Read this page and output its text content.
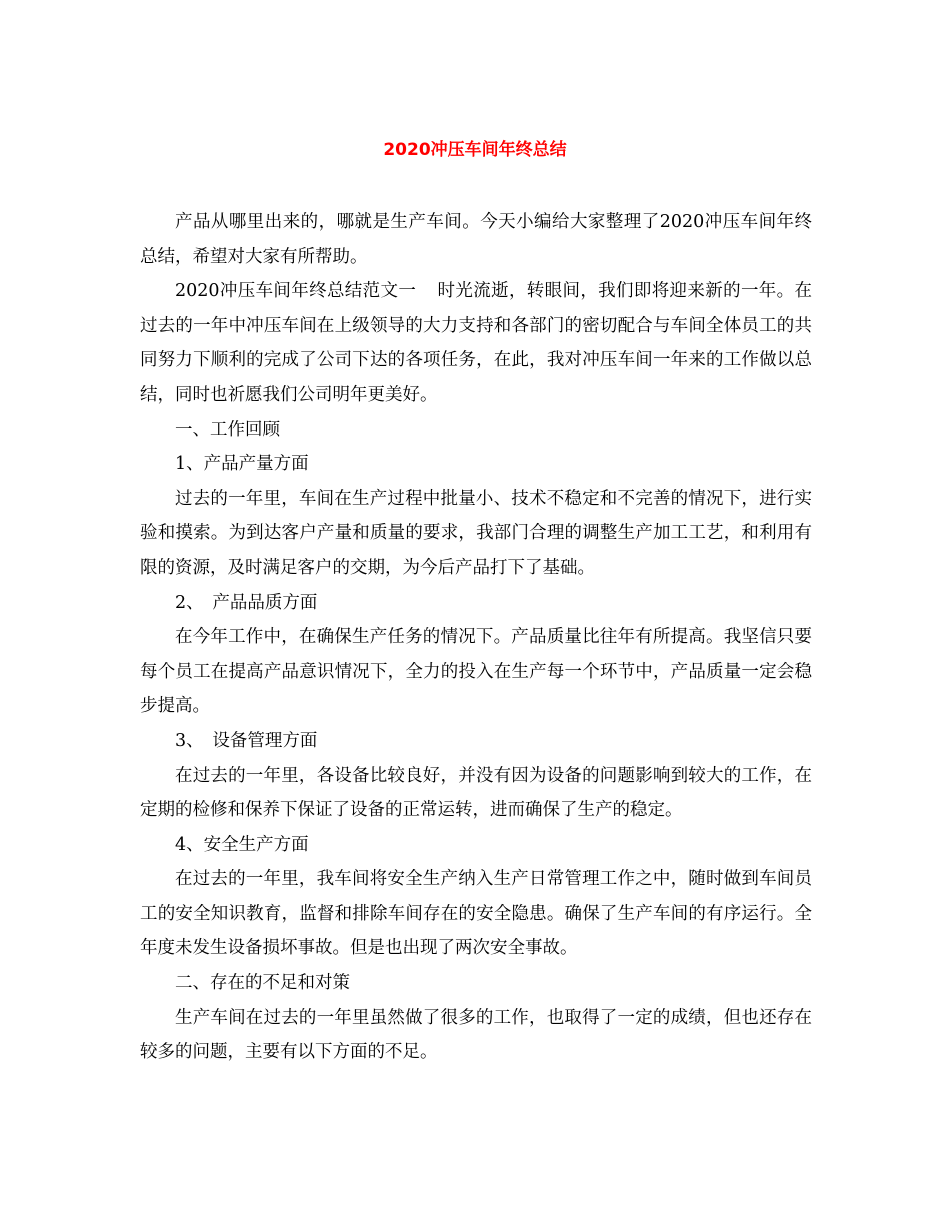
2020冲压车间年终总结

产品从哪里出来的，哪就是生产车间。今天小编给大家整理了2020冲压车间年终总结，希望对大家有所帮助。

2020冲压车间年终总结范文一 时光流逝，转眼间，我们即将迎来新的一年。在过去的一年中冲压车间在上级领导的大力支持和各部门的密切配合与车间全体员工的共同努力下顺利的完成了公司下达的各项任务，在此，我对冲压车间一年来的工作做以总结，同时也祈愿我们公司明年更美好。

一、工作回顾

1、产品产量方面

过去的一年里，车间在生产过程中批量小、技术不稳定和不完善的情况下，进行实验和摸索。为到达客户产量和质量的要求，我部门合理的调整生产加工工艺，和利用有限的资源，及时满足客户的交期，为今后产品打下了基础。

2、　产品品质方面

在今年工作中，在确保生产任务的情况下。产品质量比往年有所提高。我坚信只要每个员工在提高产品意识情况下，全力的投入在生产每一个环节中，产品质量一定会稳步提高。

3、　设备管理方面

在过去的一年里，各设备比较良好，并没有因为设备的问题影响到较大的工作，在定期的检修和保养下保证了设备的正常运转，进而确保了生产的稳定。

4、安全生产方面

在过去的一年里，我车间将安全生产纳入生产日常管理工作之中，随时做到车间员工的安全知识教育，监督和排除车间存在的安全隐患。确保了生产车间的有序运行。全年度未发生设备损坏事故。但是也出现了两次安全事故。

二、存在的不足和对策

生产车间在过去的一年里虽然做了很多的工作，也取得了一定的成绩，但也还存在较多的问题，主要有以下方面的不足。
